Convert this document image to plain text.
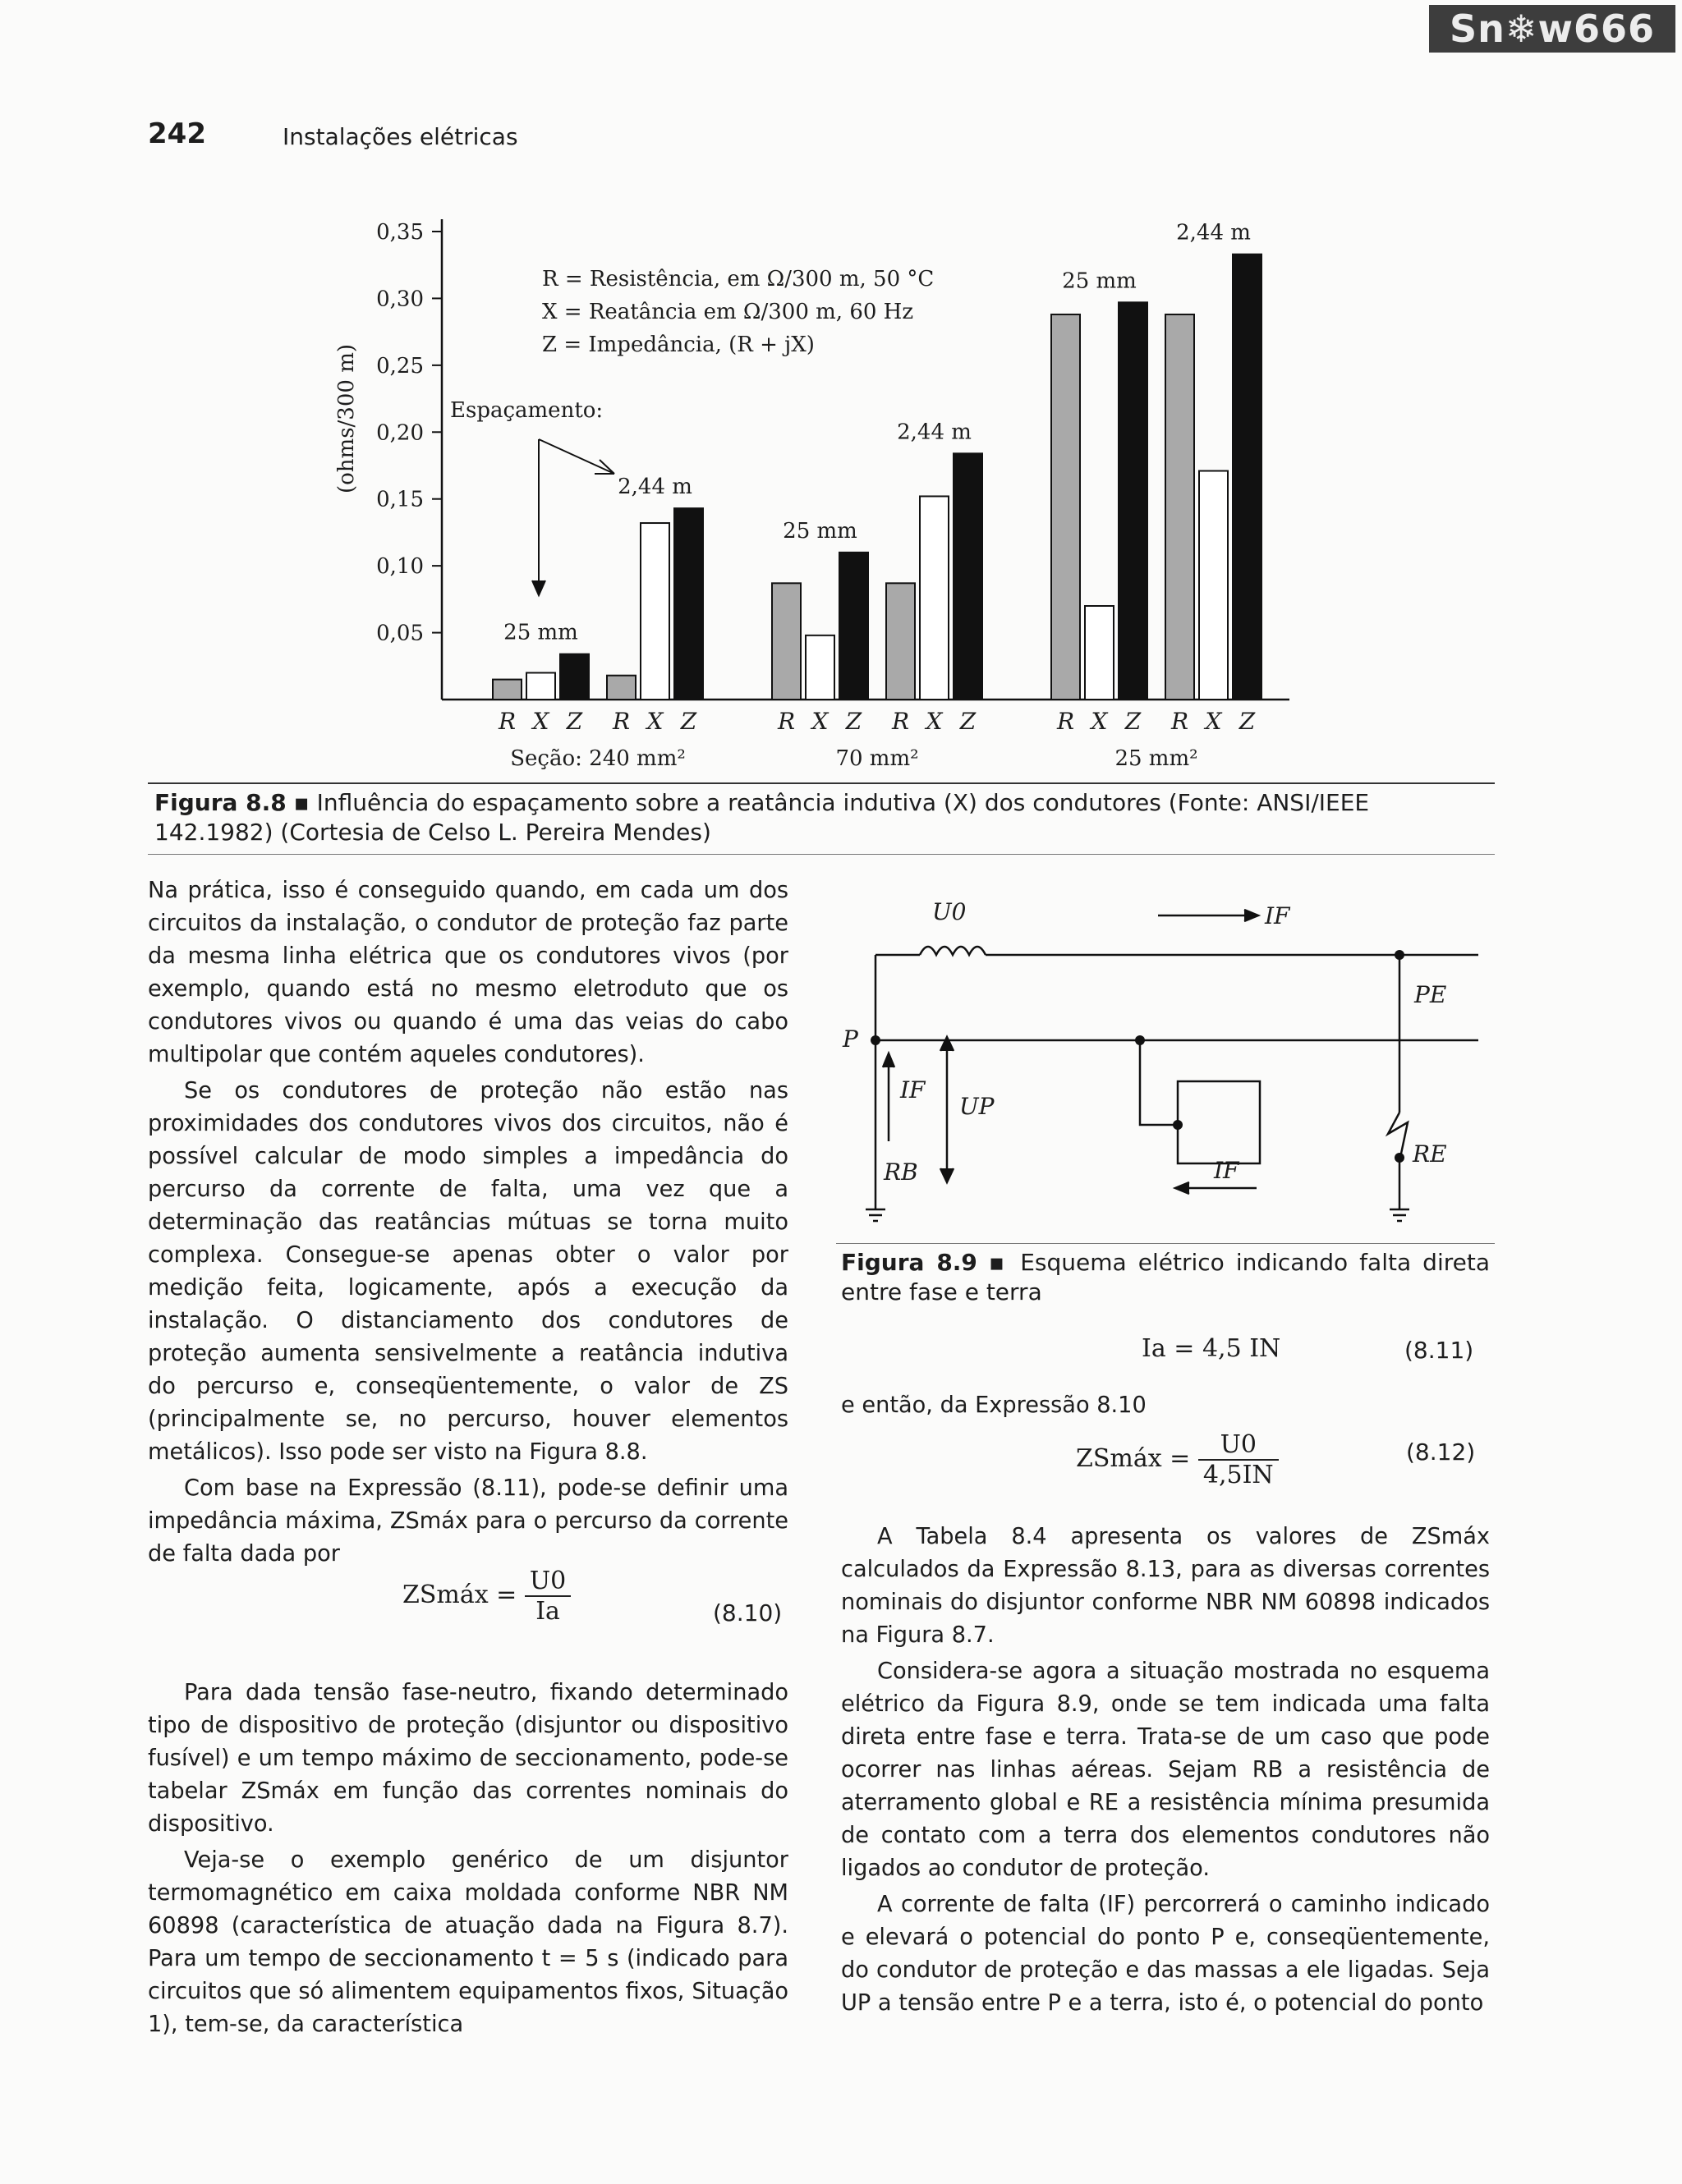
Sn❄w666
242	Instalações elétricas
0,35
0,30
0,25
0,20
0,15
0,10
0,05
R X Z
25 mm
R X Z
2,44 m
Seção: 240 mm²
R X Z
25 mm
R X Z
2,44 m
70 mm²
R X Z
25 mm
R X Z
2,44 m
25 mm²
R = Resistência, em Ω/300 m, 50 °C
X = Reatância em Ω/300 m, 60 Hz
Z = Impedância, (R + jX)
(ohms/300 m)	Espaçamento:
Figura 8.8 ▪ Influência do espaçamento sobre a reatância indutiva (X) dos condutores (Fonte: ANSI/IEEE 142.1982) (Cortesia de Celso L. Pereira Mendes)

Na prática, isso é conseguido quando, em cada um dos circuitos da instalação, o condutor de proteção faz parte da mesma linha elétrica que os condutores vivos (por exemplo, quando está no mesmo eletroduto que os condutores vivos ou quando é uma das veias do cabo multipolar que contém aqueles condutores).

Se os condutores de proteção não estão nas proximidades dos condutores vivos dos circuitos, não é possível calcular de modo simples a impedância do percurso da corrente de falta, uma vez que a determinação das reatâncias mútuas se torna muito complexa. Consegue-se apenas obter o valor por medição feita, logicamente, após a execução da instalação. O distanciamento dos condutores de proteção aumenta sensivelmente a reatância indutiva do percurso e, conseqüentemente, o valor de ZS (principalmente se, no percurso, houver elementos metálicos). Isso pode ser visto na Figura 8.8.

Com base na Expressão (8.11), pode-se definir uma impedância máxima, ZSmáx para o percurso da corrente de falta dada por

ZSmáx = $\frac{U0}{Ia}$	(8.10)

Para dada tensão fase-neutro, fixando determinado tipo de dispositivo de proteção (disjuntor ou dispositivo fusível) e um tempo máximo de seccionamento, pode-se tabelar ZSmáx em função das correntes nominais do dispositivo.

Veja-se o exemplo genérico de um disjuntor termomagnético em caixa moldada conforme NBR NM 60898 (característica de atuação dada na Figura 8.7). Para um tempo de seccionamento t = 5 s (indicado para circuitos que só alimentem equipamentos fixos, Situação 1), tem-se, da característica

U0	IF
PE
P
IF
UP
RB
RE
IF
Figura 8.9 ▪ Esquema elétrico indicando falta direta entre fase e terra
Ia = 4,5 IN	(8.11)
e então, da Expressão 8.10
ZSmáx = $\frac{U0}{4,5IN}$	(8.12)

A Tabela 8.4 apresenta os valores de ZSmáx calculados da Expressão 8.13, para as diversas correntes nominais do disjuntor conforme NBR NM 60898 indicados na Figura 8.7.

Considera-se agora a situação mostrada no esquema elétrico da Figura 8.9, onde se tem indicada uma falta direta entre fase e terra. Trata-se de um caso que pode ocorrer nas linhas aéreas. Sejam RB a resistência de aterramento global e RE a resistência mínima presumida de contato com a terra dos elementos condutores não ligados ao condutor de proteção.

A corrente de falta (IF) percorrerá o caminho indicado e elevará o potencial do ponto P e, conseqüentemente, do condutor de proteção e das massas a ele ligadas. Seja UP a tensão entre P e a terra, isto é, o potencial do ponto
